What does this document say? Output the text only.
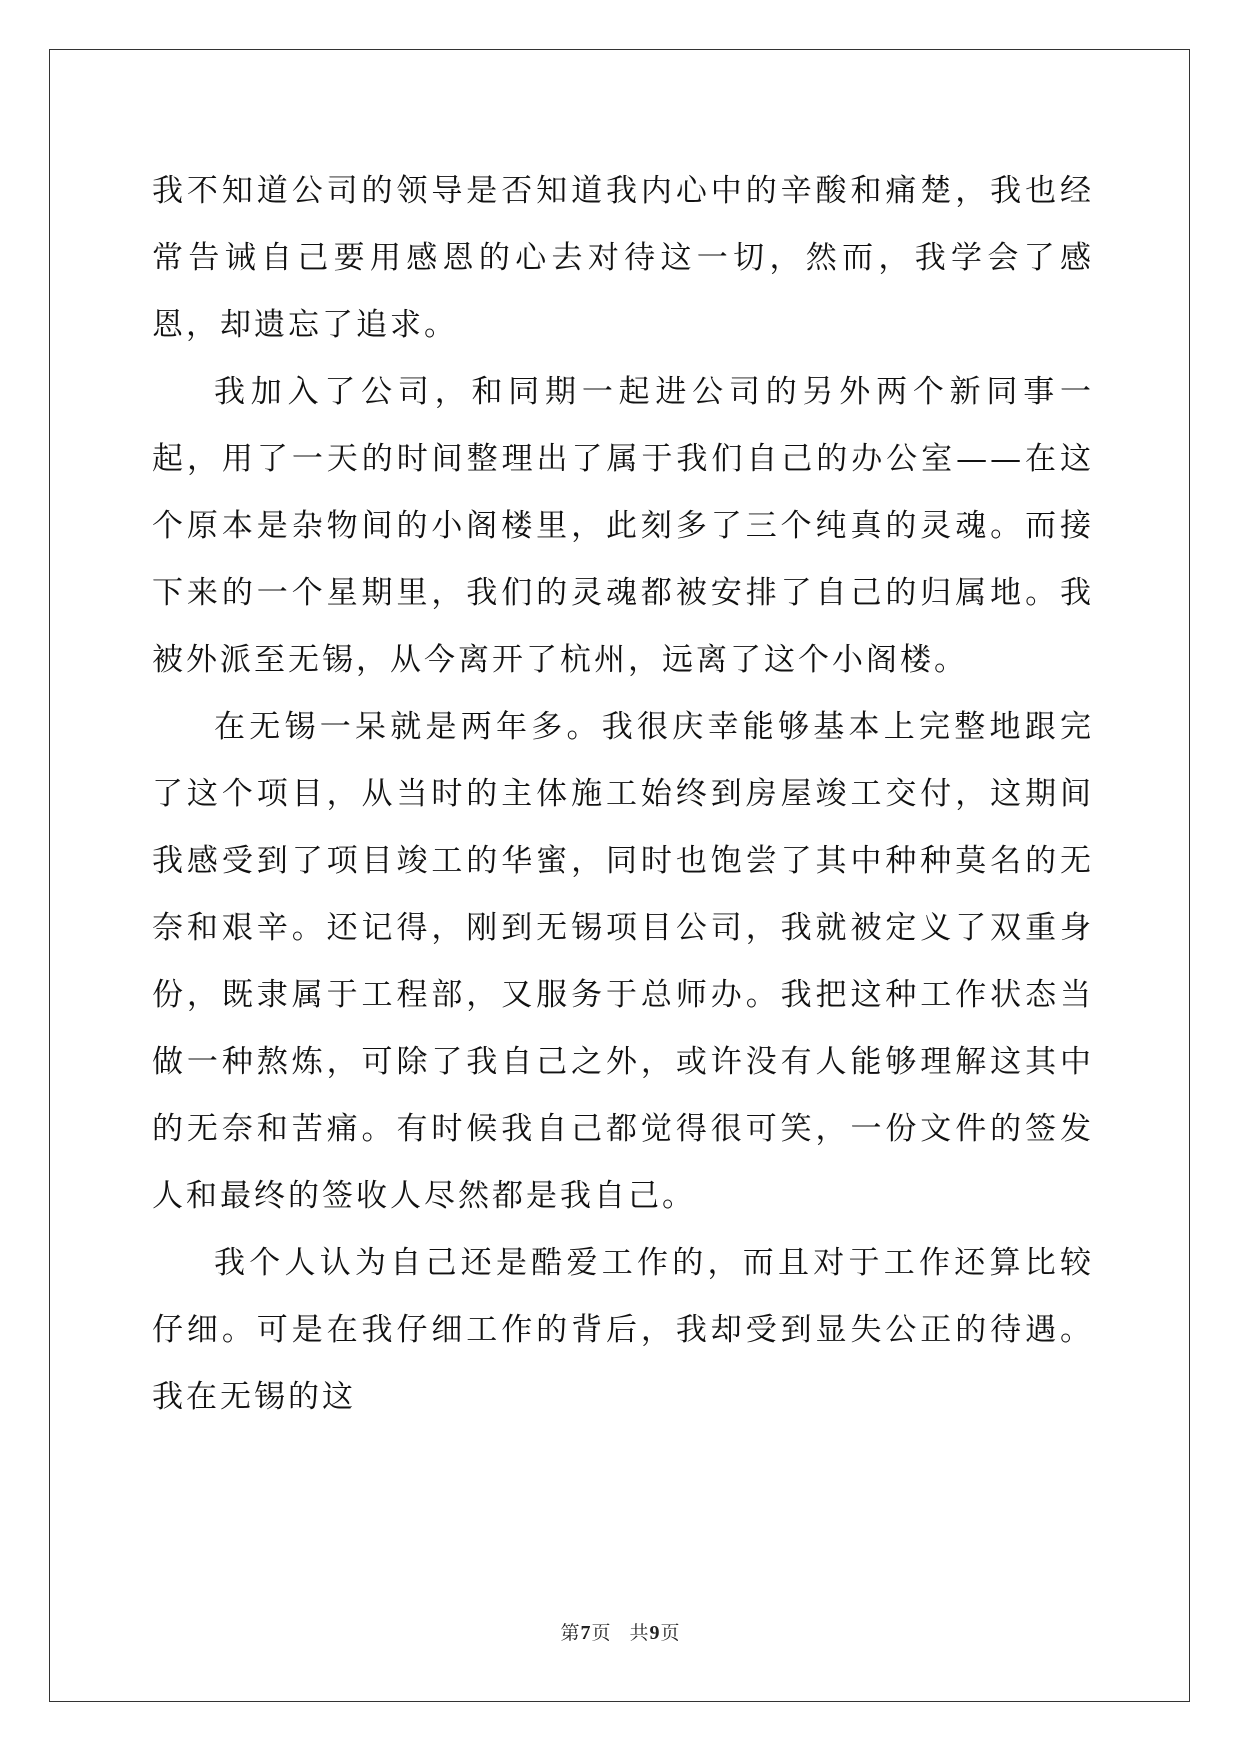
我不知道公司的领导是否知道我内心中的辛酸和痛楚，我也经常告诫自己要用感恩的心去对待这一切，然而，我学会了感恩，却遗忘了追求。

我加入了公司，和同期一起进公司的另外两个新同事一起，用了一天的时间整理出了属于我们自己的办公室——在这个原本是杂物间的小阁楼里，此刻多了三个纯真的灵魂。而接下来的一个星期里，我们的灵魂都被安排了自己的归属地。我被外派至无锡，从今离开了杭州，远离了这个小阁楼。

在无锡一呆就是两年多。我很庆幸能够基本上完整地跟完了这个项目，从当时的主体施工始终到房屋竣工交付，这期间我感受到了项目竣工的华蜜，同时也饱尝了其中种种莫名的无奈和艰辛。还记得，刚到无锡项目公司，我就被定义了双重身份，既隶属于工程部，又服务于总师办。我把这种工作状态当做一种熬炼，可除了我自己之外，或许没有人能够理解这其中的无奈和苦痛。有时候我自己都觉得很可笑，一份文件的签发人和最终的签收人尽然都是我自己。

我个人认为自己还是酷爱工作的，而且对于工作还算比较仔细。可是在我仔细工作的背后，我却受到显失公正的待遇。我在无锡的这

第7页 共9页
